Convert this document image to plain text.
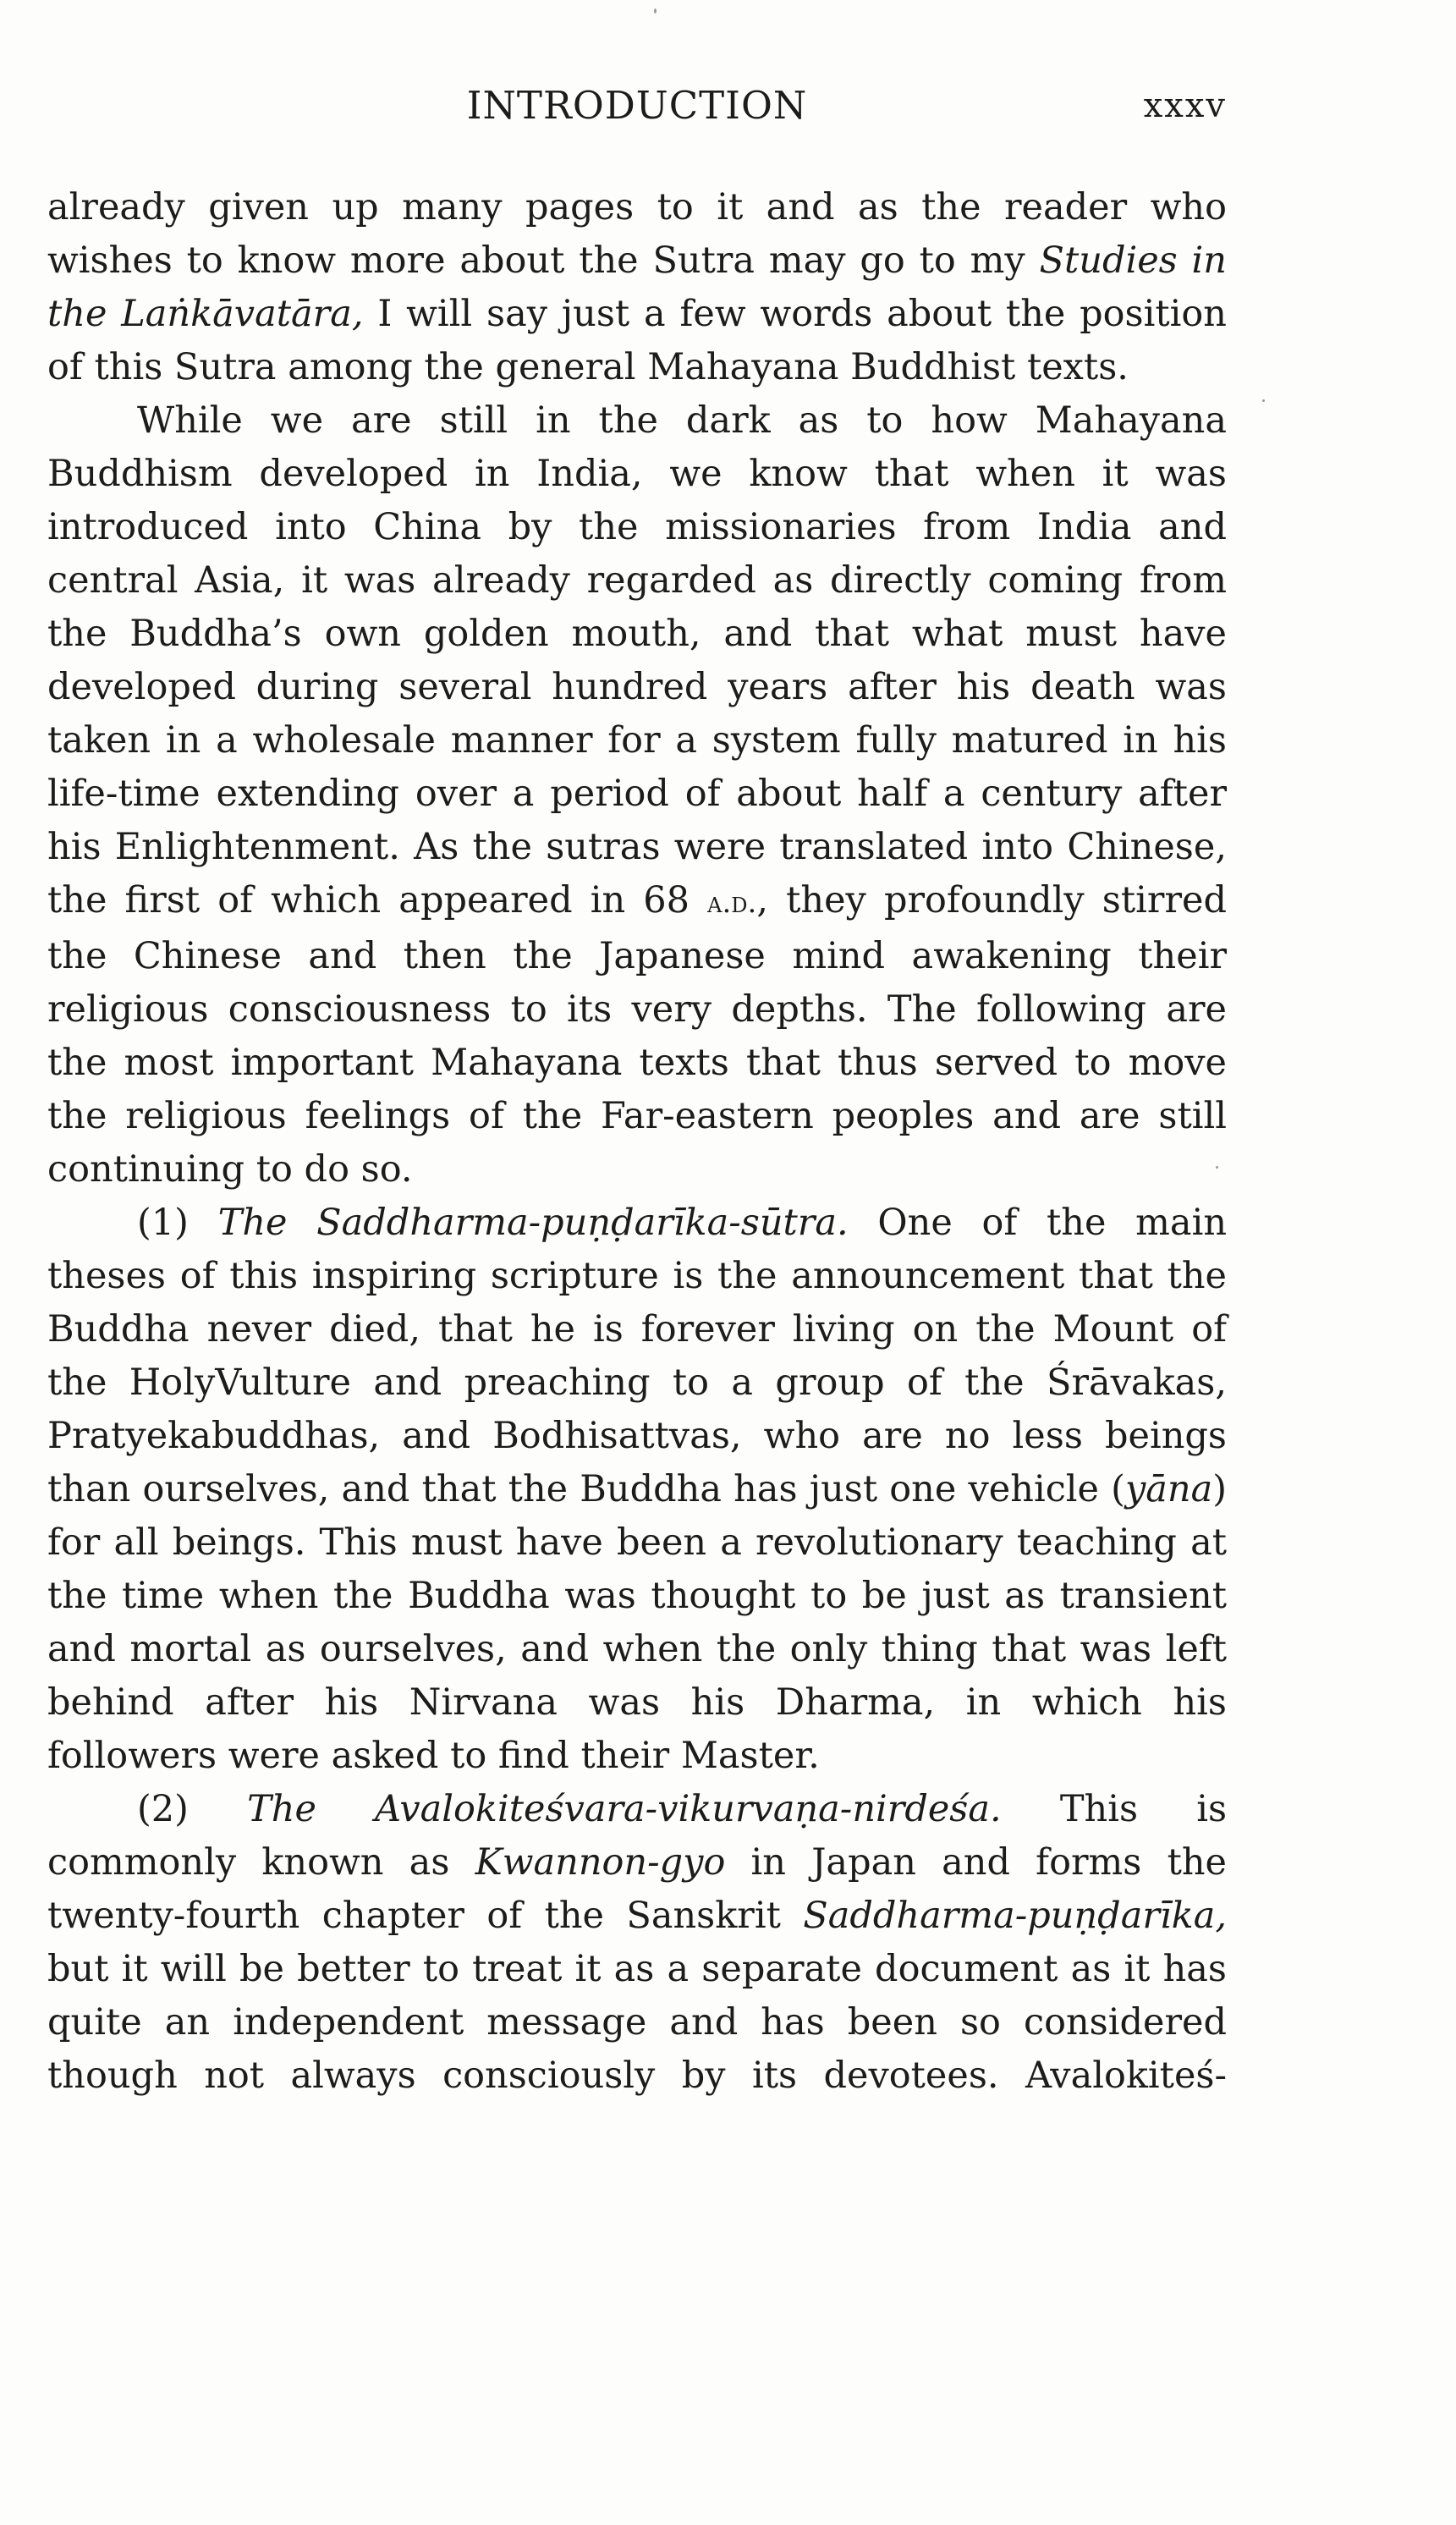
INTRODUCTION	xxxv

already given up many pages to it and as the reader who wishes to know more about the Sutra may go to my Studies in the Laṅkāvatāra, I will say just a few words about the position of this Sutra among the general Mahayana Buddhist texts.

While we are still in the dark as to how Mahayana Buddhism developed in India, we know that when it was introduced into China by the missionaries from India and central Asia, it was already regarded as directly coming from the Buddha’s own golden mouth, and that what must have developed during several hundred years after his death was taken in a wholesale manner for a system fully matured in his life-time extending over a period of about half a century after his Enlightenment. As the sutras were translated into Chinese, the first of which appeared in 68 a.d., they profoundly stirred the Chinese and then the Japanese mind awakening their religious consciousness to its very depths. The following are the most important Mahayana texts that thus served to move the religious feelings of the Far-eastern peoples and are still continuing to do so.

(1) The Saddharma-puṇḍarīka-sūtra. One of the main theses of this inspiring scripture is the announcement that the Buddha never died, that he is forever living on the Mount of the HolyVulture and preaching to a group of the Śrāvakas, Pratyekabuddhas, and Bodhisattvas, who are no less beings than ourselves, and that the Buddha has just one vehicle (yāna) for all beings. This must have been a revolutionary teaching at the time when the Buddha was thought to be just as transient and mortal as ourselves, and when the only thing that was left behind after his Nirvana was his Dharma, in which his followers were asked to find their Master.

(2) The Avalokiteśvara-vikurvaṇa-nirdeśa. This is commonly known as Kwannon-gyo in Japan and forms the twenty-fourth chapter of the Sanskrit Saddharma-puṇḍarīka, but it will be better to treat it as a separate document as it has quite an independent message and has been so considered though not always consciously by its devotees. Avalokiteś-
